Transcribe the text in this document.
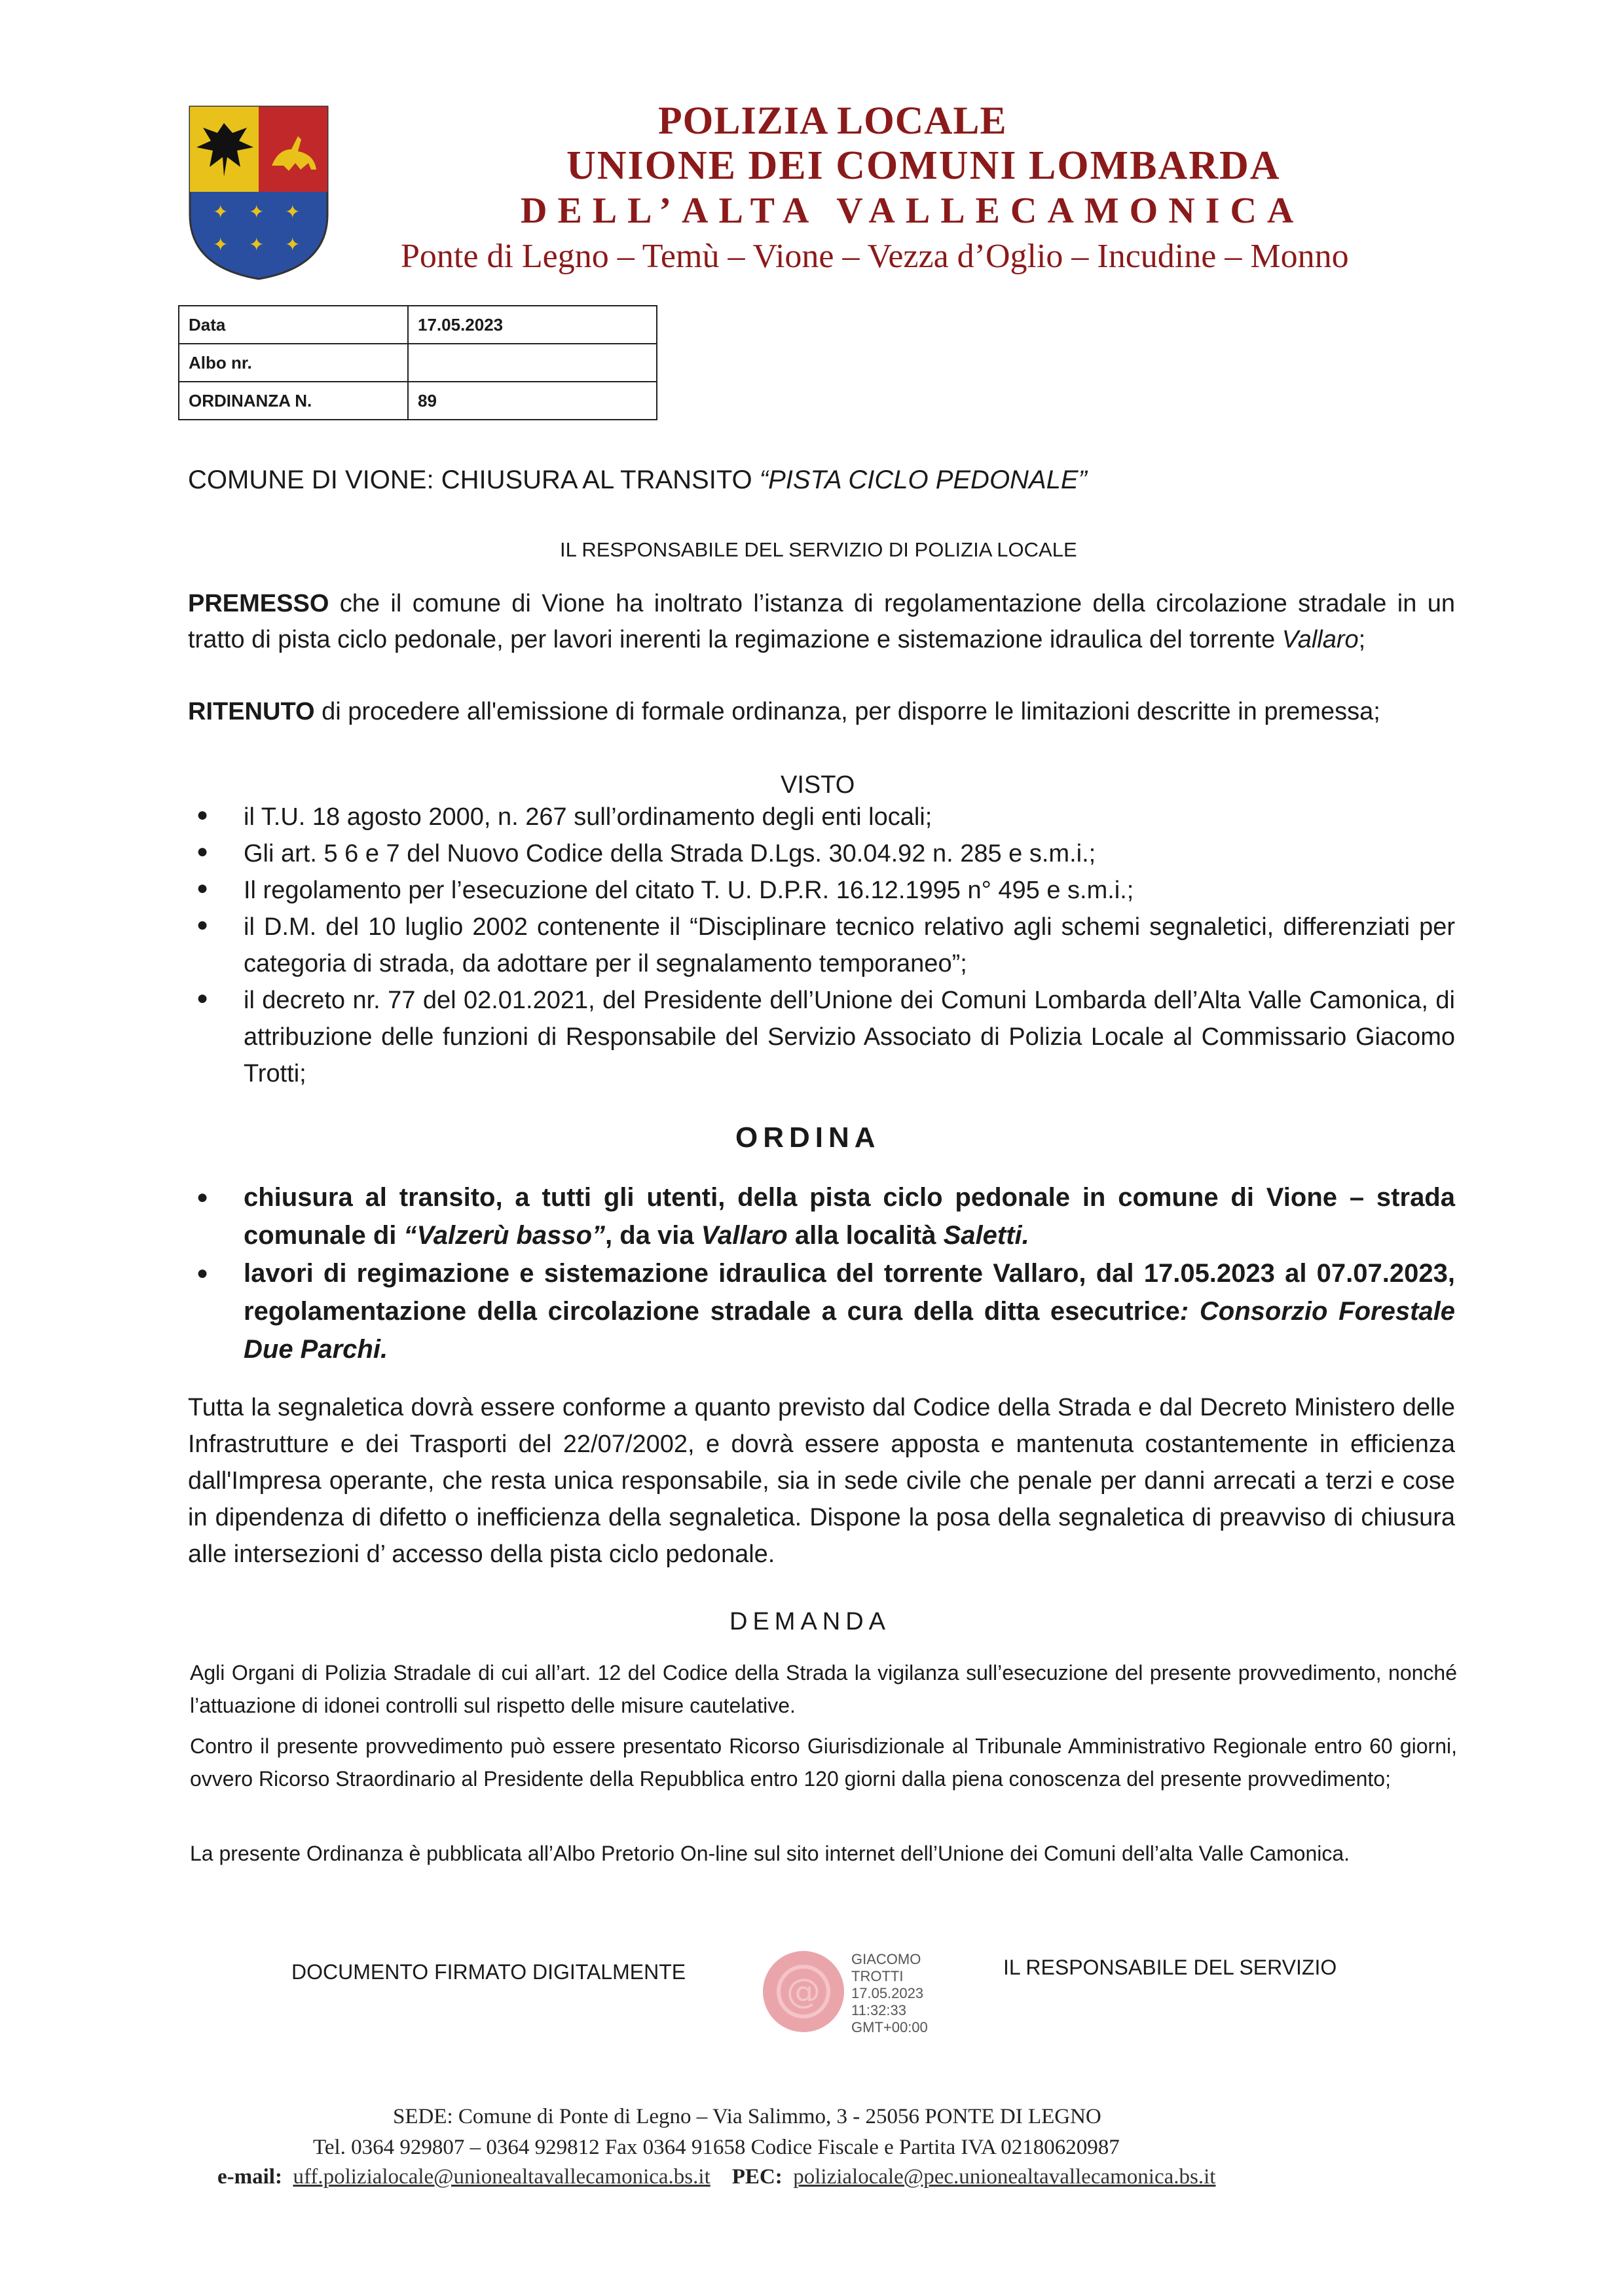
✦ ✦ ✦
✦ ✦ ✦
POLIZIA LOCALE
UNIONE DEI COMUNI LOMBARDA
DELL’ALTA VALLECAMONICA
Ponte di Legno – Temù – Vione – Vezza d’Oglio – Incudine – Monno
Data	17.05.2023
Albo nr.	
ORDINANZA N.	89
COMUNE DI VIONE: CHIUSURA AL TRANSITO “PISTA CICLO PEDONALE”
IL RESPONSABILE DEL SERVIZIO DI POLIZIA LOCALE
PREMESSO che il comune di Vione ha inoltrato l’istanza di regolamentazione della circolazione stradale in un tratto di pista ciclo pedonale, per lavori inerenti la regimazione e sistemazione idraulica del torrente Vallaro;
RITENUTO di procedere all'emissione di formale ordinanza, per disporre le limitazioni descritte in premessa;
VISTO
● il T.U. 18 agosto 2000, n. 267 sull’ordinamento degli enti locali;
● Gli art. 5 6 e 7 del Nuovo Codice della Strada D.Lgs. 30.04.92 n. 285 e s.m.i.;
● Il regolamento per l’esecuzione del citato T. U. D.P.R. 16.12.1995 n° 495 e s.m.i.;
● il D.M. del 10 luglio 2002 contenente il “Disciplinare tecnico relativo agli schemi segnaletici, differenziati per categoria di strada, da adottare per il segnalamento temporaneo”;
● il decreto nr. 77 del 02.01.2021, del Presidente dell’Unione dei Comuni Lombarda dell’Alta Valle Camonica, di attribuzione delle funzioni di Responsabile del Servizio Associato di Polizia Locale al Commissario Giacomo Trotti;
ORDINA
● chiusura al transito, a tutti gli utenti, della pista ciclo pedonale in comune di Vione – strada comunale di “Valzerù basso”, da via Vallaro alla località Saletti.
● lavori di regimazione e sistemazione idraulica del torrente Vallaro, dal 17.05.2023 al 07.07.2023, regolamentazione della circolazione stradale a cura della ditta esecutrice: Consorzio Forestale Due Parchi.
Tutta la segnaletica dovrà essere conforme a quanto previsto dal Codice della Strada e dal Decreto Ministero delle Infrastrutture e dei Trasporti del 22/07/2002, e dovrà essere apposta e mantenuta costantemente in efficienza dall'Impresa operante, che resta unica responsabile, sia in sede civile che penale per danni arrecati a terzi e cose in dipendenza di difetto o inefficienza della segnaletica. Dispone la posa della segnaletica di preavviso di chiusura alle intersezioni d’ accesso della pista ciclo pedonale.
DEMANDA
Agli Organi di Polizia Stradale di cui all’art. 12 del Codice della Strada la vigilanza sull’esecuzione del presente provvedimento, nonché l’attuazione di idonei controlli sul rispetto delle misure cautelative.
Contro il presente provvedimento può essere presentato Ricorso Giurisdizionale al Tribunale Amministrativo Regionale entro 60 giorni, ovvero Ricorso Straordinario al Presidente della Repubblica entro 120 giorni dalla piena conoscenza del presente provvedimento;
La presente Ordinanza è pubblicata all’Albo Pretorio On-line sul sito internet dell’Unione dei Comuni dell’alta Valle Camonica.
DOCUMENTO FIRMATO DIGITALMENTE	@
GIACOMO
TROTTI
17.05.2023
11:32:33
GMT+00:00
IL RESPONSABILE DEL SERVIZIO
SEDE: Comune di Ponte di Legno – Via Salimmo, 3 - 25056 PONTE DI LEGNO
Tel. 0364 929807 – 0364 929812 Fax 0364 91658 Codice Fiscale e Partita IVA 02180620987
e-mail: uff.polizialocale@unionealtavallecamonica.bs.it PEC: polizialocale@pec.unionealtavallecamonica.bs.it
